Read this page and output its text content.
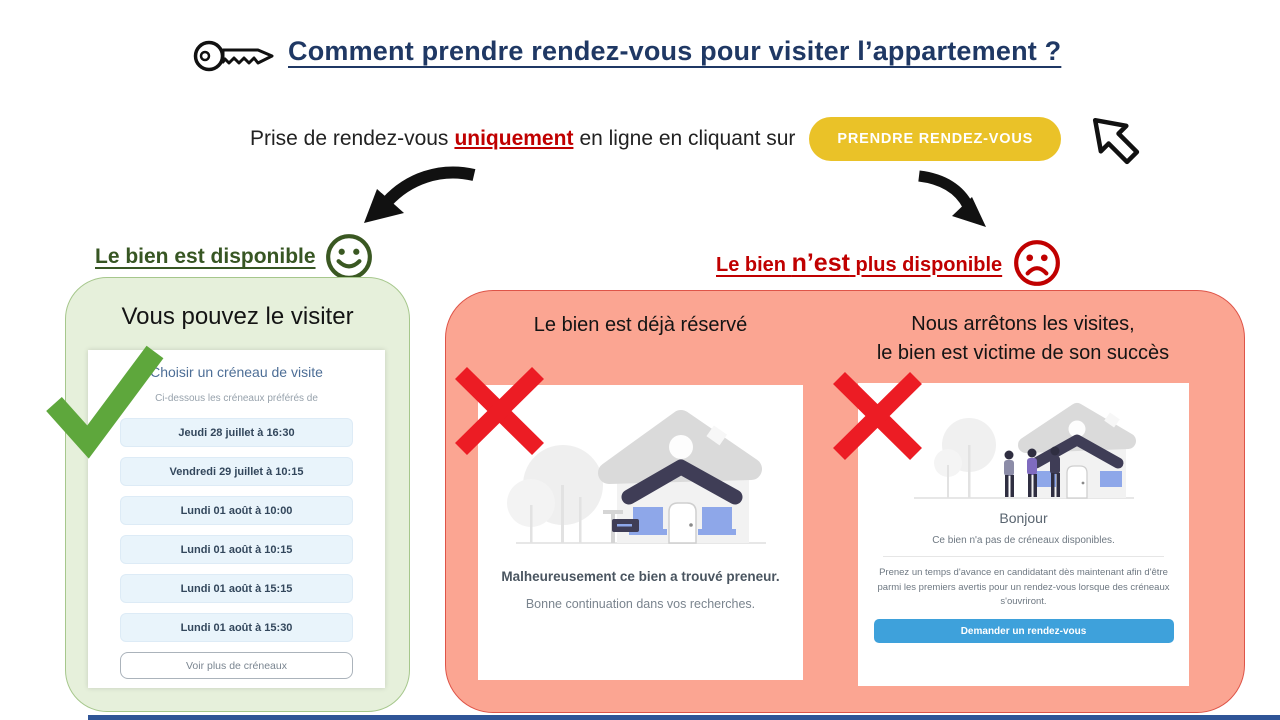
Comment prendre rendez-vous pour visiter l’appartement ?
Prise de rendez-vous uniquement en ligne en cliquant sur	PRENDRE RENDEZ-VOUS
Le bien est disponible
Vous pouvez le visiter
Choisir un créneau de visite
Ci-dessous les créneaux préférés de
Jeudi 28 juillet à 16:30
Vendredi 29 juillet à 10:15
Lundi 01 août à 10:00
Lundi 01 août à 10:15
Lundi 01 août à 15:15
Lundi 01 août à 15:30
Voir plus de créneaux
Le bien n’est plus disponible
Le bien est déjà réservé	Nous arrêtons les visites,
le bien est victime de son succès
Malheureusement ce bien a trouvé preneur.
Bonne continuation dans vos recherches.
Bonjour
Ce bien n'a pas de créneaux disponibles.
Prenez un temps d'avance en candidatant dès maintenant afin d'être parmi les premiers avertis pour un rendez-vous lorsque des créneaux s'ouvriront.
Demander un rendez-vous
